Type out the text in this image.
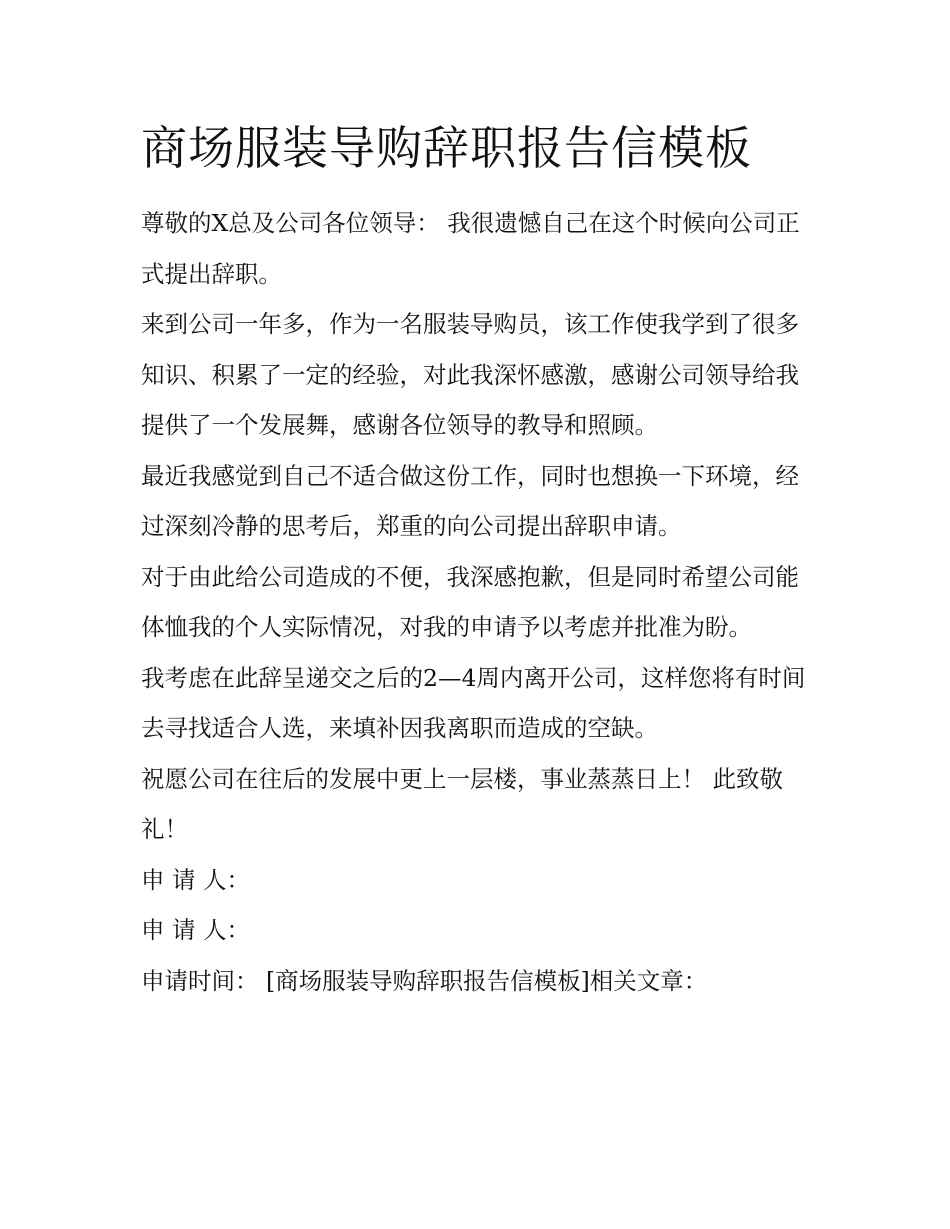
商场服装导购辞职报告信模板

尊敬的X总及公司各位领导： 我很遗憾自己在这个时候向公司正式提出辞职。

来到公司一年多，作为一名服装导购员，该工作使我学到了很多知识、积累了一定的经验，对此我深怀感激，感谢公司领导给我提供了一个发展舞，感谢各位领导的教导和照顾。

最近我感觉到自己不适合做这份工作，同时也想换一下环境，经过深刻冷静的思考后，郑重的向公司提出辞职申请。

对于由此给公司造成的不便，我深感抱歉，但是同时希望公司能体恤我的个人实际情况，对我的申请予以考虑并批准为盼。

我考虑在此辞呈递交之后的2—4周内离开公司，这样您将有时间去寻找适合人选，来填补因我离职而造成的空缺。

祝愿公司在往后的发展中更上一层楼，事业蒸蒸日上！ 此致敬礼！

申 请 人：

申 请 人：

申请时间： [商场服装导购辞职报告信模板]相关文章：
